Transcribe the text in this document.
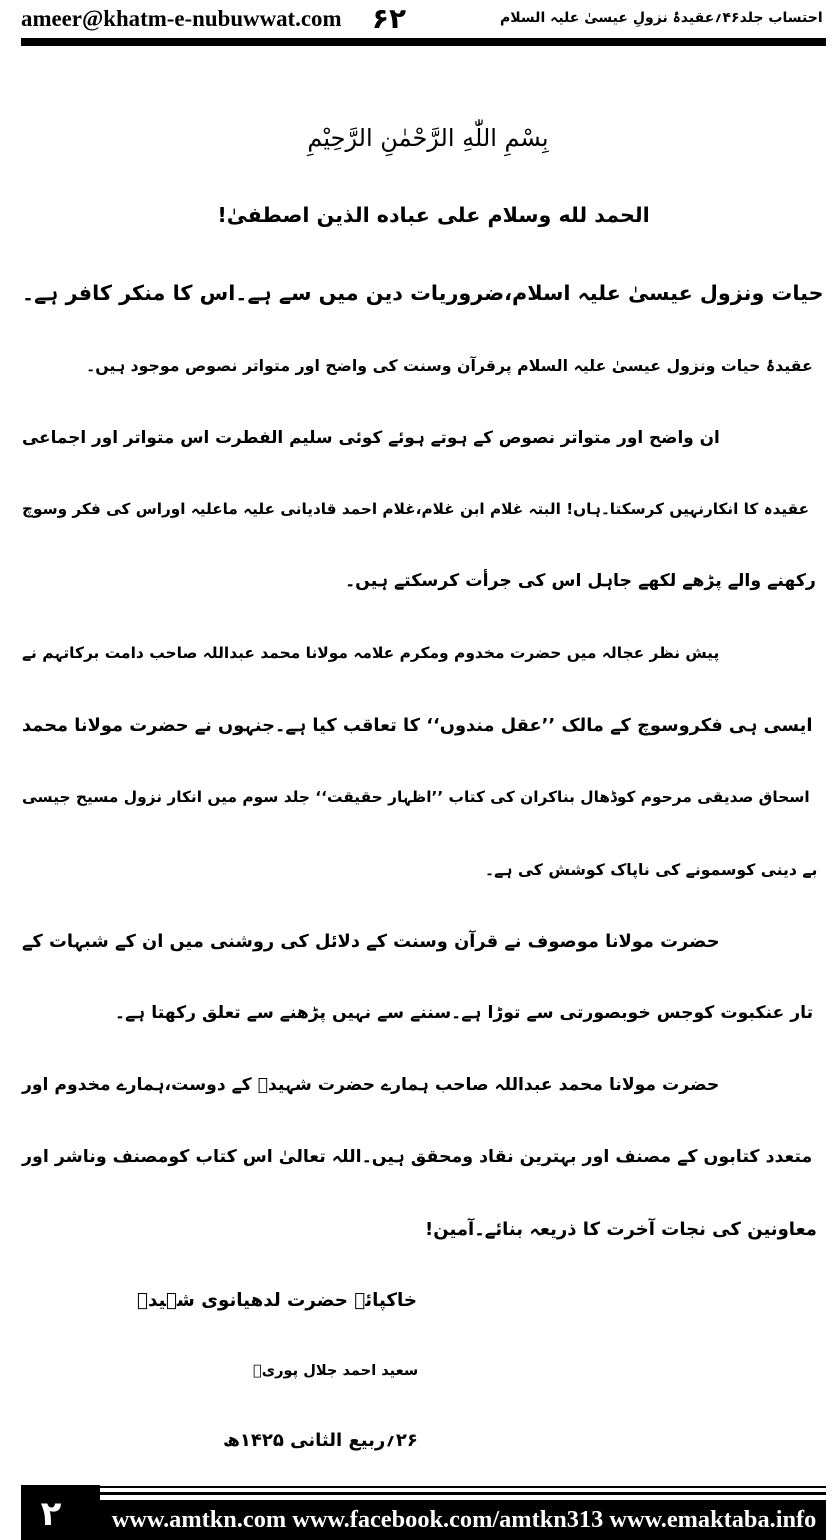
ameer@khatm-e-nubuwwat.com ۶۲	احتساب جلد۴۶؍عقیدۂ نزولِ عیسیٰ علیہ السلام
بِسْمِ اللّٰهِ الرَّحْمٰنِ الرَّحِيْمِ
الحمد لله وسلام علی عباده الذین اصطفیٰ!
حیات ونزول عیسیٰ علیہ اسلام،ضروریات دین میں سے ہے۔اس کا منکر کافر ہے۔
عقیدۂ حیات ونزول عیسیٰ علیہ السلام پرقرآن وسنت کی واضح اور متواتر نصوص موجود ہیں۔
ان واضح اور متواتر نصوص کے ہوتے ہوئے کوئی سلیم الفطرت اس متواتر اور اجماعی
عقیدہ کا انکارنہیں کرسکتا۔ہاں! البتہ غلام ابن غلام،غلام احمد قادیانی علیہ ماعلیہ اوراس کی فکر وسوچ
رکھنے والے پڑھے لکھے جاہل اس کی جرأت کرسکتے ہیں۔
پیش نظر عجالہ میں حضرت مخدوم ومکرم علامہ مولانا محمد عبداللہ صاحب دامت برکاتہم نے
ایسی ہی فکروسوچ کے مالک ’’عقل مندوں‘‘ کا تعاقب کیا ہے۔جنہوں نے حضرت مولانا محمد
اسحاق صدیقی مرحوم کوڈھال بناکران کی کتاب ’’اظہار حقیقت‘‘ جلد سوم میں انکار نزول مسیح جیسی
بے دینی کوسمونے کی ناپاک کوشش کی ہے۔
حضرت مولانا موصوف نے قرآن وسنت کے دلائل کی روشنی میں ان کے شبہات کے
تار عنکبوت کوجس خوبصورتی سے توڑا ہے۔سننے سے نہیں پڑھنے سے تعلق رکھتا ہے۔
حضرت مولانا محمد عبداللہ صاحب ہمارے حضرت شہیدؒ کے دوست،ہمارے مخدوم اور
متعدد کتابوں کے مصنف اور بہترین نقاد ومحقق ہیں۔اللہ تعالیٰ اس کتاب کومصنف وناشر اور
معاونین کی نجات آخرت کا ذریعہ بنائے۔آمین!
خاکپائے حضرت لدھیانوی شہیدؒ
سعید احمد جلال پوریؒ
۲۶؍ربیع الثانی ۱۴۲۵ھ
۲ www.amtkn.com www.facebook.com/amtkn313 www.emaktaba.info
